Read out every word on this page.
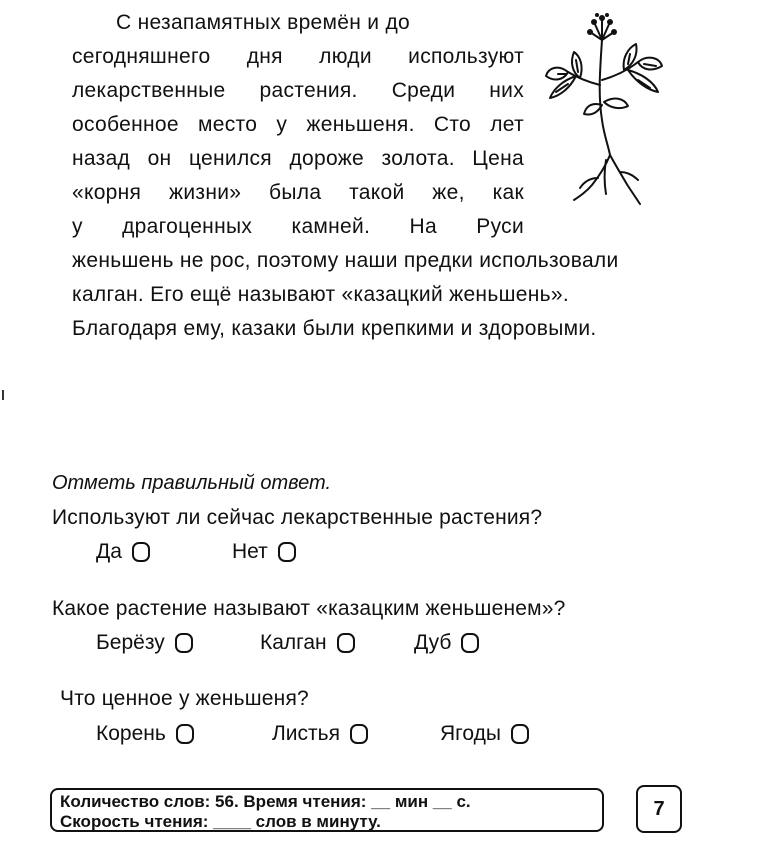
С незапамятных времён и до
сегодняшнего дня люди используют
лекарственные растения. Среди них
особенное место у женьшеня. Сто лет
назад он ценился дороже золота. Цена
«корня жизни» была такой же, как
у драгоценных камней. На Руси
женьшень не рос, поэтому наши предки использовали
калган. Его ещё называют «казацкий женьшень».
Благодаря ему, казаки были крепкими и здоровыми.
Отметь правильный ответ.
Используют ли сейчас лекарственные растения?
Да	Нет
Какое растение называют «казацким женьшенем»?
Берёзу	Калган	Дуб
Что ценное у женьшеня?
Корень	Листья	Ягоды
Количество слов: 56. Время чтения: __ мин __ с.
Скорость чтения: ____ слов в минуту.
7
